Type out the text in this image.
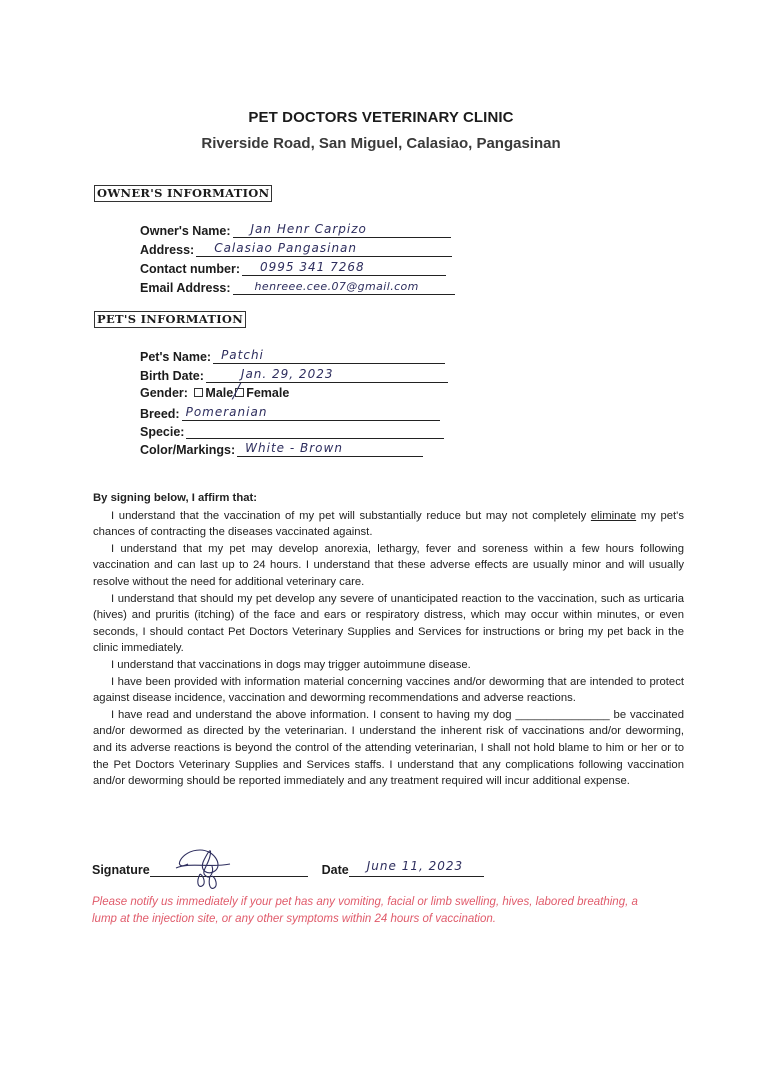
PET DOCTORS VETERINARY CLINIC
Riverside Road, San Miguel, Calasiao, Pangasinan
OWNER'S INFORMATION
Owner's Name: Jan Henr Carpizo
Address: Calasiao Pangasinan
Contact number: 0995 341 7268
Email Address: henreee.cee.07@gmail.com
PET'S INFORMATION
Pet's Name: Patchi
Birth Date:	Jan. 29, 2023
Gender: Male ╱ Female
Breed: Pomeranian
Specie:
Color/Markings: White - Brown

By signing below, I affirm that:

I understand that the vaccination of my pet will substantially reduce but may not completely eliminate my pet's chances of contracting the diseases vaccinated against.

I understand that my pet may develop anorexia, lethargy, fever and soreness within a few hours following vaccination and can last up to 24 hours. I understand that these adverse effects are usually minor and will usually resolve without the need for additional veterinary care.

I understand that should my pet develop any severe of unanticipated reaction to the vaccination, such as urticaria (hives) and pruritis (itching) of the face and ears or respiratory distress, which may occur within minutes, or even seconds, I should contact Pet Doctors Veterinary Supplies and Services for instructions or bring my pet back in the clinic immediately.

I understand that vaccinations in dogs may trigger autoimmune disease.

I have been provided with information material concerning vaccines and/or deworming that are intended to protect against disease incidence, vaccination and deworming recommendations and adverse reactions.

I have read and understand the above information. I consent to having my dog _______________ be vaccinated and/or dewormed as directed by the veterinarian. I understand the inherent risk of vaccinations and/or deworming, and its adverse reactions is beyond the control of the attending veterinarian, I shall not hold blame to him or her or to the Pet Doctors Veterinary Supplies and Services staffs. I understand that any complications following vaccination and/or deworming should be reported immediately and any treatment required will incur additional expense.

Signature	Date June 11, 2023
Please notify us immediately if your pet has any vomiting, facial or limb swelling, hives, labored breathing, a lump at the injection site, or any other symptoms within 24 hours of vaccination.
